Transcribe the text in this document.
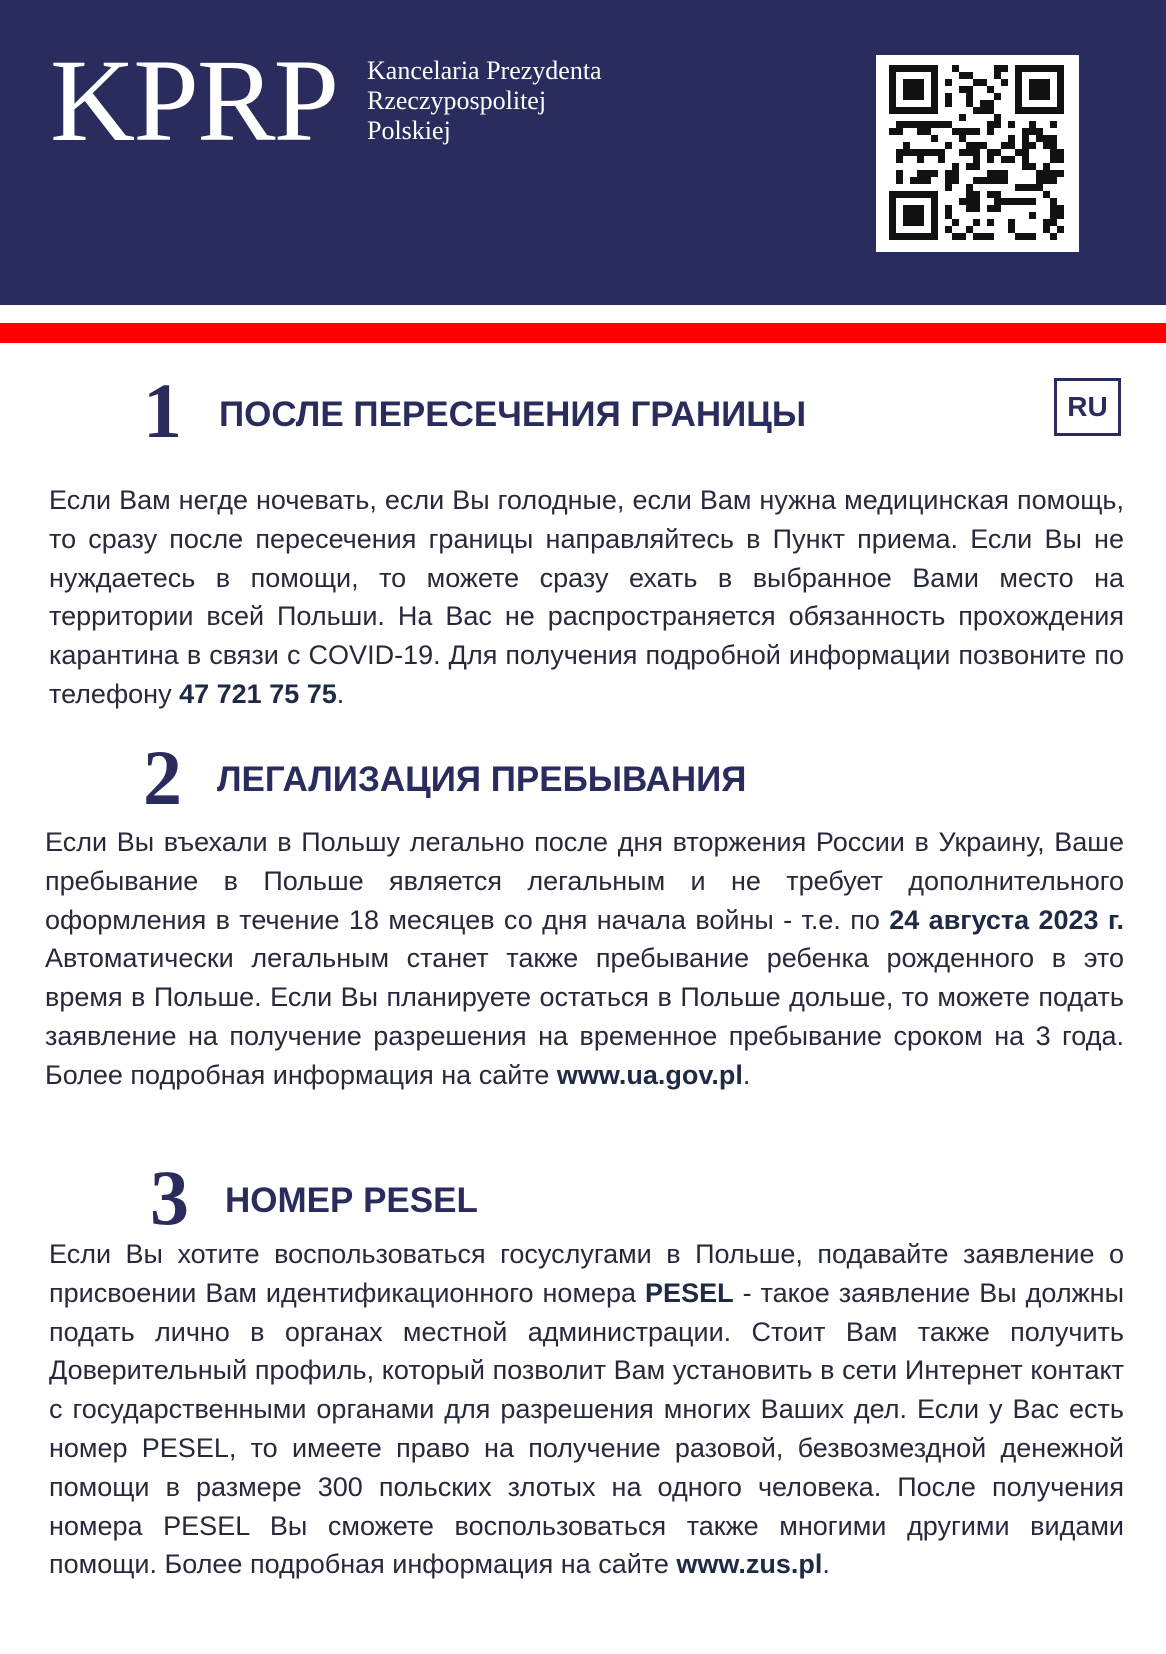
KPRP Kancelaria Prezydenta
Rzeczypospolitej
Polskiej
RU
1 ПОСЛЕ ПЕРЕСЕЧЕНИЯ ГРАНИЦЫ
Если Вам негде ночевать, если Вы голодные, если Вам нужна медицинская помощь, то сразу после пересечения границы направляйтесь в Пункт приема. Если Вы не нуждаетесь в помощи, то можете сразу ехать в выбранное Вами место на территории всей Польши. На Вас не распространяется обязанность прохождения карантина в связи с COVID-19. Для получения подробной информации позвоните по телефону 47 721 75 75.
2 ЛЕГАЛИЗАЦИЯ ПРЕБЫВАНИЯ
Если Вы въехали в Польшу легально после дня вторжения России в Украину, Ваше пребывание в Польше является легальным и не требует дополнительного оформления в течение 18 месяцев со дня начала войны - т.е. по 24 августа 2023 г. Автоматически легальным станет также пребывание ребенка рожденного в это время в Польше. Если Вы планируете остаться в Польше дольше, то можете подать заявление на получение разрешения на временное пребывание сроком на 3 года. Более подробная информация на сайте www.ua.gov.pl.
3 НОМЕР PESEL
Если Вы хотите воспользоваться госуслугами в Польше, подавайте заявление о присвоении Вам идентификационного номера PESEL - такое заявление Вы должны подать лично в органах местной администрации. Стоит Вам также получить Доверительный профиль, который позволит Вам установить в сети Интернет контакт с государственными органами для разрешения многих Ваших дел. Если у Вас есть номер PESEL, то имеете право на получение разовой, безвозмездной денежной помощи в размере 300 польских злотых на одного человека. После получения номера PESEL Вы сможете воспользоваться также многими другими видами помощи. Более подробная информация на сайте www.zus.pl.
